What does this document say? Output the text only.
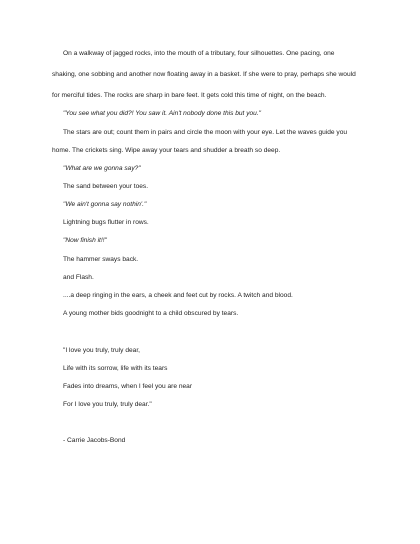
On a walkway of jagged rocks, into the mouth of a tributary, four silhouettes. One pacing, one

shaking, one sobbing and another now floating away in a basket. If she were to pray, perhaps she would

for merciful tides. The rocks are sharp in bare feet. It gets cold this time of night, on the beach.

"You see what you did?! You saw it. Ain't nobody done this but you."

The stars are out; count them in pairs and circle the moon with your eye. Let the waves guide you

home. The crickets sing. Wipe away your tears and shudder a breath so deep.

"What are we gonna say?"

The sand between your toes.

"We ain't gonna say nothin'."

Lightning bugs flutter in rows.

"Now finish it!!"

The hammer sways back.

and Flash.

....a deep ringing in the ears, a cheek and feet cut by rocks. A twitch and blood.

A young mother bids goodnight to a child obscured by tears.

"I love you truly, truly dear,

Life with its sorrow, life with its tears

Fades into dreams, when I feel you are near

For I love you truly, truly dear."

- Carrie Jacobs-Bond
